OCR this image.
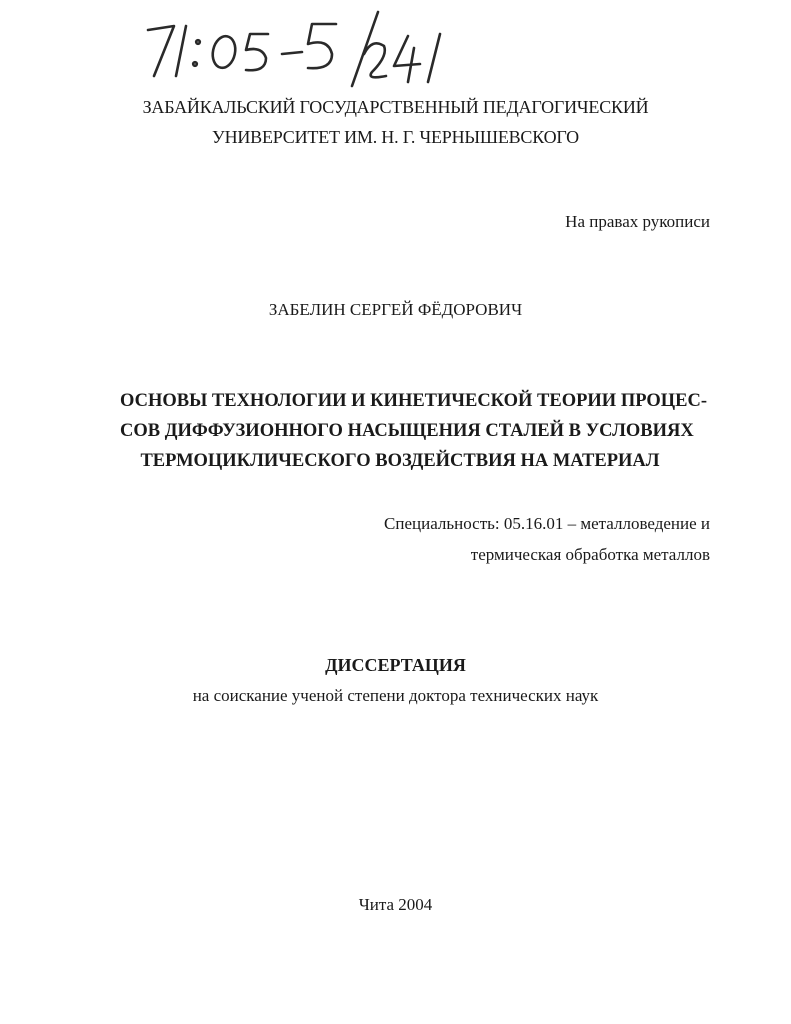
ЗАБАЙКАЛЬСКИЙ ГОСУДАРСТВЕННЫЙ ПЕДАГОГИЧЕСКИЙ
УНИВЕРСИТЕТ ИМ. Н. Г. ЧЕРНЫШЕВСКОГО
На правах рукописи
ЗАБЕЛИН СЕРГЕЙ ФЁДОРОВИЧ
ОСНОВЫ ТЕХНОЛОГИИ И КИНЕТИЧЕСКОЙ ТЕОРИИ ПРОЦЕС-
СОВ ДИФФУЗИОННОГО НАСЫЩЕНИЯ СТАЛЕЙ В УСЛОВИЯХ
ТЕРМОЦИКЛИЧЕСКОГО ВОЗДЕЙСТВИЯ НА МАТЕРИАЛ
Специальность: 05.16.01 – металловедение и
термическая обработка металлов
ДИССЕРТАЦИЯ
на соискание ученой степени доктора технических наук
Чита 2004
